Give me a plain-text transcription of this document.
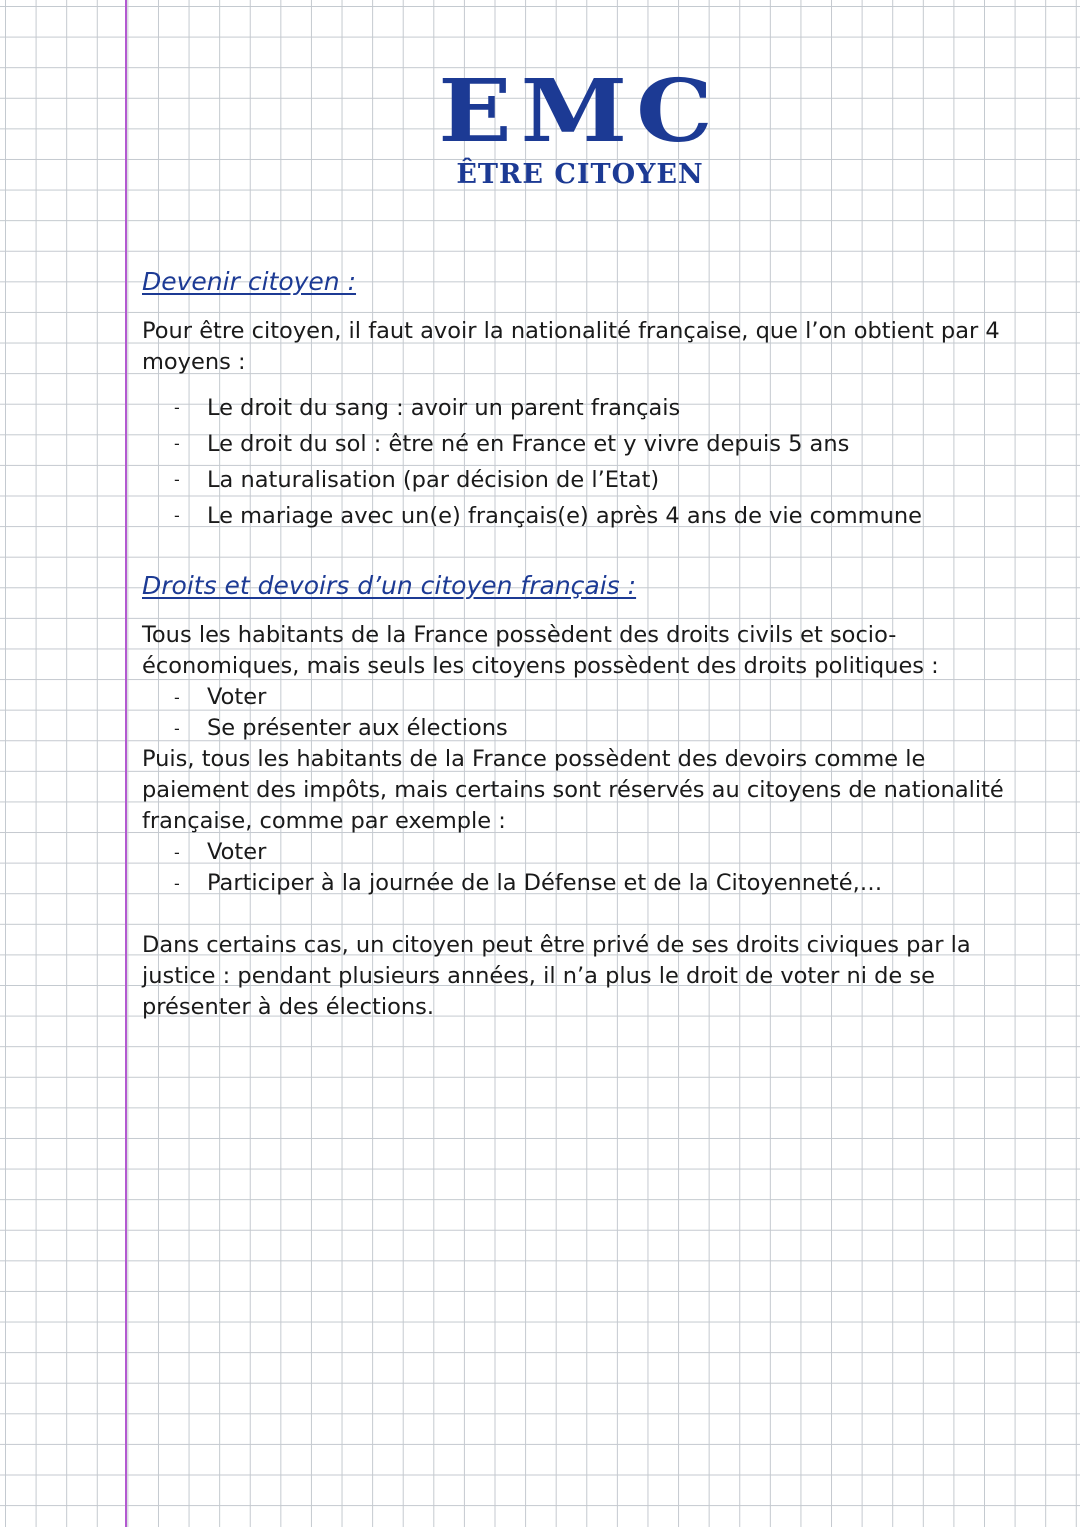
EMC
ÊTRE CITOYEN

Devenir citoyen :

Pour être citoyen, il faut avoir la nationalité française, que l’on obtient par 4 moyens :

- Le droit du sang : avoir un parent français
- Le droit du sol : être né en France et y vivre depuis 5 ans
- La naturalisation (par décision de l’Etat)
- Le mariage avec un(e) français(e) après 4 ans de vie commune

Droits et devoirs d’un citoyen français :

Tous les habitants de la France possèdent des droits civils et socio-économiques, mais seuls les citoyens possèdent des droits politiques :

- Voter
- Se présenter aux élections

Puis, tous les habitants de la France possèdent des devoirs comme le paiement des impôts, mais certains sont réservés au citoyens de nationalité française, comme par exemple :

- Voter
- Participer à la journée de la Défense et de la Citoyenneté,…

Dans certains cas, un citoyen peut être privé de ses droits civiques par la justice : pendant plusieurs années, il n’a plus le droit de voter ni de se présenter à des élections.
